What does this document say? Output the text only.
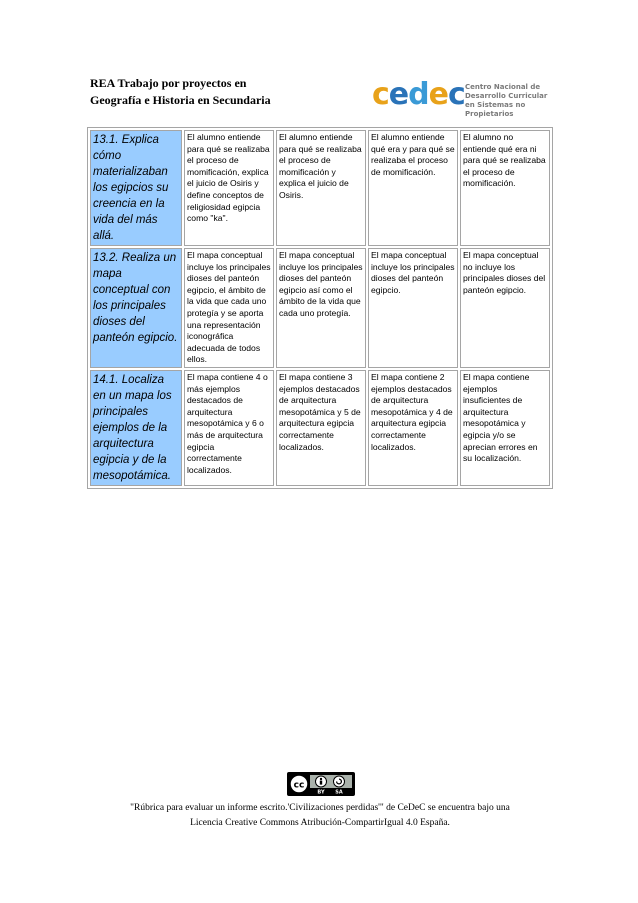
REA Trabajo por proyectos en
Geografía e Historia en Secundaria	cedec Centro Nacional de
Desarrollo Curricular
en Sistemas no Propietarios
13.1. Explica cómo materializaban los egipcios su creencia en la vida del más allá.	El alumno entiende para qué se realizaba el proceso de momificación, explica el juicio de Osiris y define conceptos de religiosidad egipcia como "ka".	El alumno entiende para qué se realizaba el proceso de momificación y explica el juicio de Osiris.	El alumno entiende qué era y para qué se realizaba el proceso de momificación.	El alumno no entiende qué era ni para qué se realizaba el proceso de momificación.
13.2. Realiza un mapa conceptual con los principales dioses del panteón egipcio.	El mapa conceptual incluye los principales dioses del panteón egipcio, el ámbito de la vida que cada uno protegía y se aporta una representación iconográfica adecuada de todos ellos.	El mapa conceptual incluye los principales dioses del panteón egipcio así como el ámbito de la vida que cada uno protegía.	El mapa conceptual incluye los principales dioses del panteón egipcio.	El mapa conceptual no incluye los principales dioses del panteón egipcio.
14.1. Localiza en un mapa los principales ejemplos de la arquitectura egipcia y de la mesopotámica.	El mapa contiene 4 o más ejemplos destacados de arquitectura mesopotámica y 6 o más de arquitectura egipcia correctamente localizados.	El mapa contiene 3 ejemplos destacados de arquitectura mesopotámica y 5 de arquitectura egipcia correctamente localizados.	El mapa contiene 2 ejemplos destacados de arquitectura mesopotámica y 4 de arquitectura egipcia correctamente localizados.	El mapa contiene ejemplos insuficientes de arquitectura mesopotámica y egipcia y/o se aprecian errores en su localización.
cc
BY SA
"Rúbrica para evaluar un informe escrito.'Civilizaciones perdidas'" de CeDeC se encuentra bajo una
Licencia Creative Commons Atribución-CompartirIgual 4.0 España.
